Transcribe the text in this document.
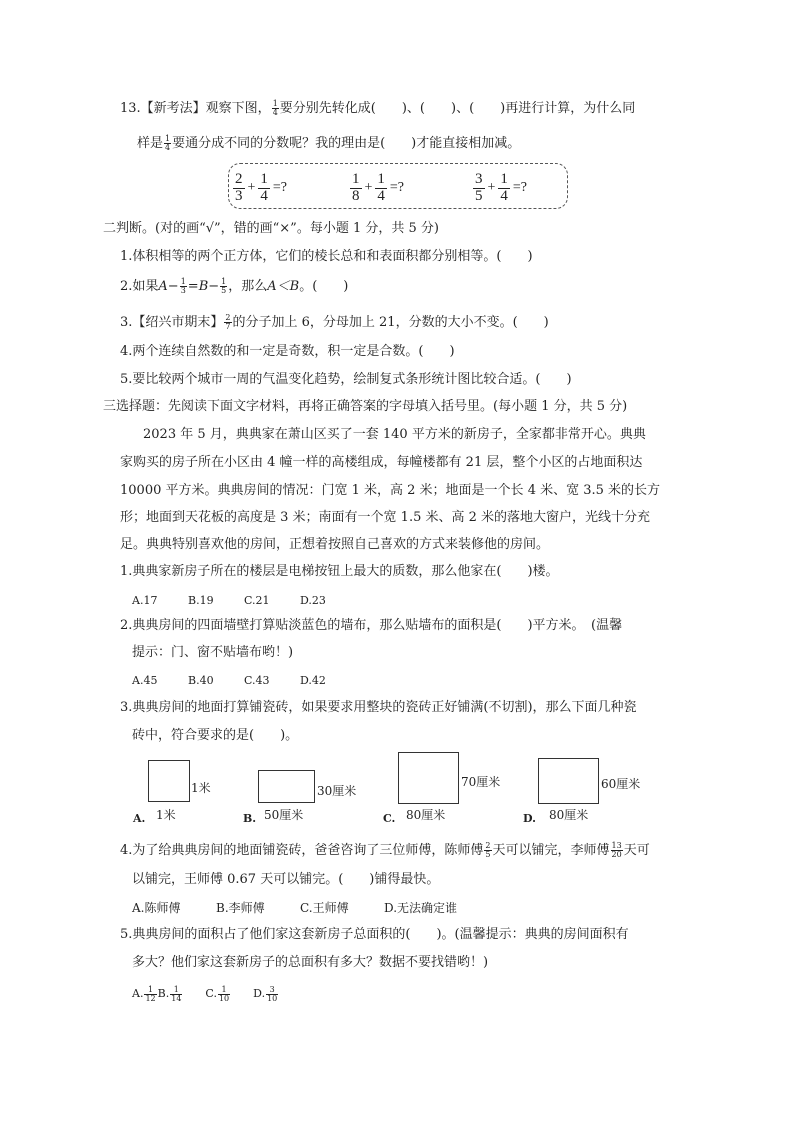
13.【新考法】观察下图， $\frac{1}{4}$ 要分别先转化成(　　)、(　　)、(　　)再进行计算，为什么同
样是 $\frac{1}{4}$ 要通分成不同的分数呢？我的理由是(　　)才能直接相加减。
$\frac{2}{3} + \frac{1}{4}$ =?	$\frac{1}{8} + \frac{1}{4}$ =?	$\frac{3}{5} + \frac{1}{4}$ =?
二判断。(对的画“√”，错的画“×”。每小题 1 分，共 5 分)
1.体积相等的两个正方体，它们的棱长总和和表面积都分别相等。(　　)
2.如果$A- \frac{1}{3} =B- \frac{1}{5}$ ，那么A＜B。(　　)
3.【绍兴市期末】 $\frac{2}{7}$ 的分子加上 6，分母加上 21，分数的大小不变。(　　)
4.两个连续自然数的和一定是奇数，积一定是合数。(　　)
5.要比较两个城市一周的气温变化趋势，绘制复式条形统计图比较合适。(　　)
三选择题：先阅读下面文字材料，再将正确答案的字母填入括号里。(每小题 1 分，共 5 分)
2023 年 5 月，典典家在萧山区买了一套 140 平方米的新房子，全家都非常开心。典典
家购买的房子所在小区由 4 幢一样的高楼组成，每幢楼都有 21 层，整个小区的占地面积达
10000 平方米。典典房间的情况：门宽 1 米，高 2 米；地面是一个长 4 米、宽 3.5 米的长方
形；地面到天花板的高度是 3 米；南面有一个宽 1.5 米、高 2 米的落地大窗户，光线十分充
足。典典特别喜欢他的房间，正想着按照自己喜欢的方式来装修他的房间。
1.典典家新房子所在的楼层是电梯按钮上最大的质数，那么他家在(　　)楼。
A.17	B.19	C.21	D.23
2.典典房间的四面墙壁打算贴淡蓝色的墙布，那么贴墙布的面积是(　　)平方米。　(温馨
提示：门、窗不贴墙布哟！)
A.45	B.40	C.43	D.42
3.典典房间的地面打算铺瓷砖，如果要求用整块的瓷砖正好铺满(不切割)，那么下面几种瓷
砖中，符合要求的是(　　)。
1米
1米
A.
30厘米
50厘米
B.
70厘米
80厘米
C.
60厘米
80厘米
D.
4.为了给典典房间的地面铺瓷砖，爸爸咨询了三位师傅，陈师傅 $\frac{2}{5}$ 天可以铺完，李师傅 $\frac{13}{20}$ 天可
以铺完，王师傅 0.67 天可以铺完。(　　)铺得最快。
A.陈师傅	B.李师傅	C.王师傅	D.无法确定谁
5.典典房间的面积占了他们家这套新房子总面积的(　　)。(温馨提示：典典的房间面积有
多大？他们家这套新房子的总面积有多大？数据不要找错哟！)
A. $\frac{1}{12} B$. $\frac{1}{14} C$. $\frac{1}{10} D$. $\frac{3}{10}$
